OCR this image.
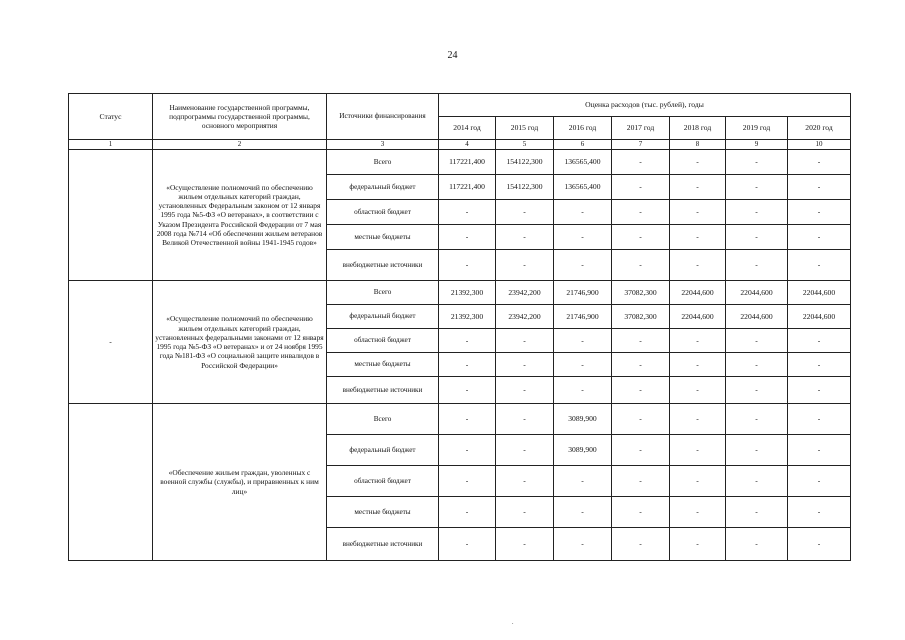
24
Статус	Наименование государственной программы, подпрограммы государственной программы, основного мероприятия	Источники финансирования	Оценка расходов (тыс. рублей), годы						
			2014 год	2015 год	2016 год	2017 год	2018 год	2019 год	2020 год
1	2	3	4	5	6	7	8	9	10
	«Осуществление полномочий по обеспечению жильем отдельных категорий граждан, установленных Федеральным законом от 12 января 1995 года №5-ФЗ «О ветеранах», в соответствии с Указом Президента Российской Федерации от 7 мая 2008 года №714 «Об обеспечении жильем ветеранов Великой Отечественной войны 1941-1945 годов»	Всего	117221,400	154122,300	136565,400	-	-	-	-
		федеральный бюджет	117221,400	154122,300	136565,400	-	-	-	-
		областной бюджет	-	-	-	-	-	-	-
		местные бюджеты	-	-	-	-	-	-	-
		внебюджетные источники	-	-	-	-	-	-	-
-	«Осуществление полномочий по обеспечению жильем отдельных категорий граждан, установленных федеральными законами от 12 января 1995 года №5-ФЗ «О ветеранах» и от 24 ноября 1995 года №181-ФЗ «О социальной защите инвалидов в Российской Федерации»	Всего	21392,300	23942,200	21746,900	37082,300	22044,600	22044,600	22044,600
		федеральный бюджет	21392,300	23942,200	21746,900	37082,300	22044,600	22044,600	22044,600
		областной бюджет	-	-	-	-	-	-	-
		местные бюджеты	-	-	-	-	-	-	-
		внебюджетные источники	-	-	-	-	-	-	-
	«Обеспечение жильем граждан, уволенных с военной службы (службы), и приравненных к ним лиц»	Всего	-	-	3089,900	-	-	-	-
		федеральный бюджет	-	-	3089,900	-	-	-	-
		областной бюджет	-	-	-	-	-	-	-
		местные бюджеты	-	-	-	-	-	-	-
		внебюджетные источники	-	-	-	-	-	-	-
.
